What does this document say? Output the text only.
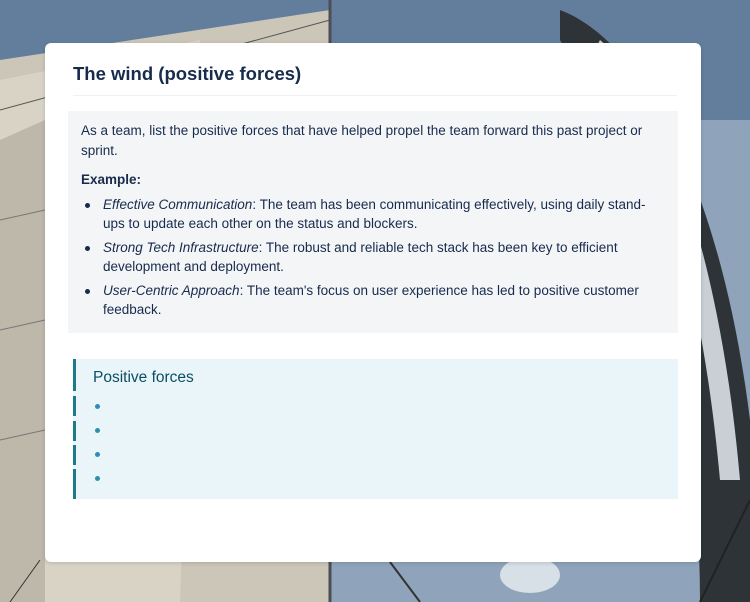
The wind (positive forces)

As a team, list the positive forces that have helped propel the team forward this past project or sprint.

Example:

Effective Communication: The team has been communicating effectively, using daily stand-ups to update each other on the status and blockers.
Strong Tech Infrastructure: The robust and reliable tech stack has been key to efficient development and deployment.
User-Centric Approach: The team's focus on user experience has led to positive customer feedback.
Positive forces
